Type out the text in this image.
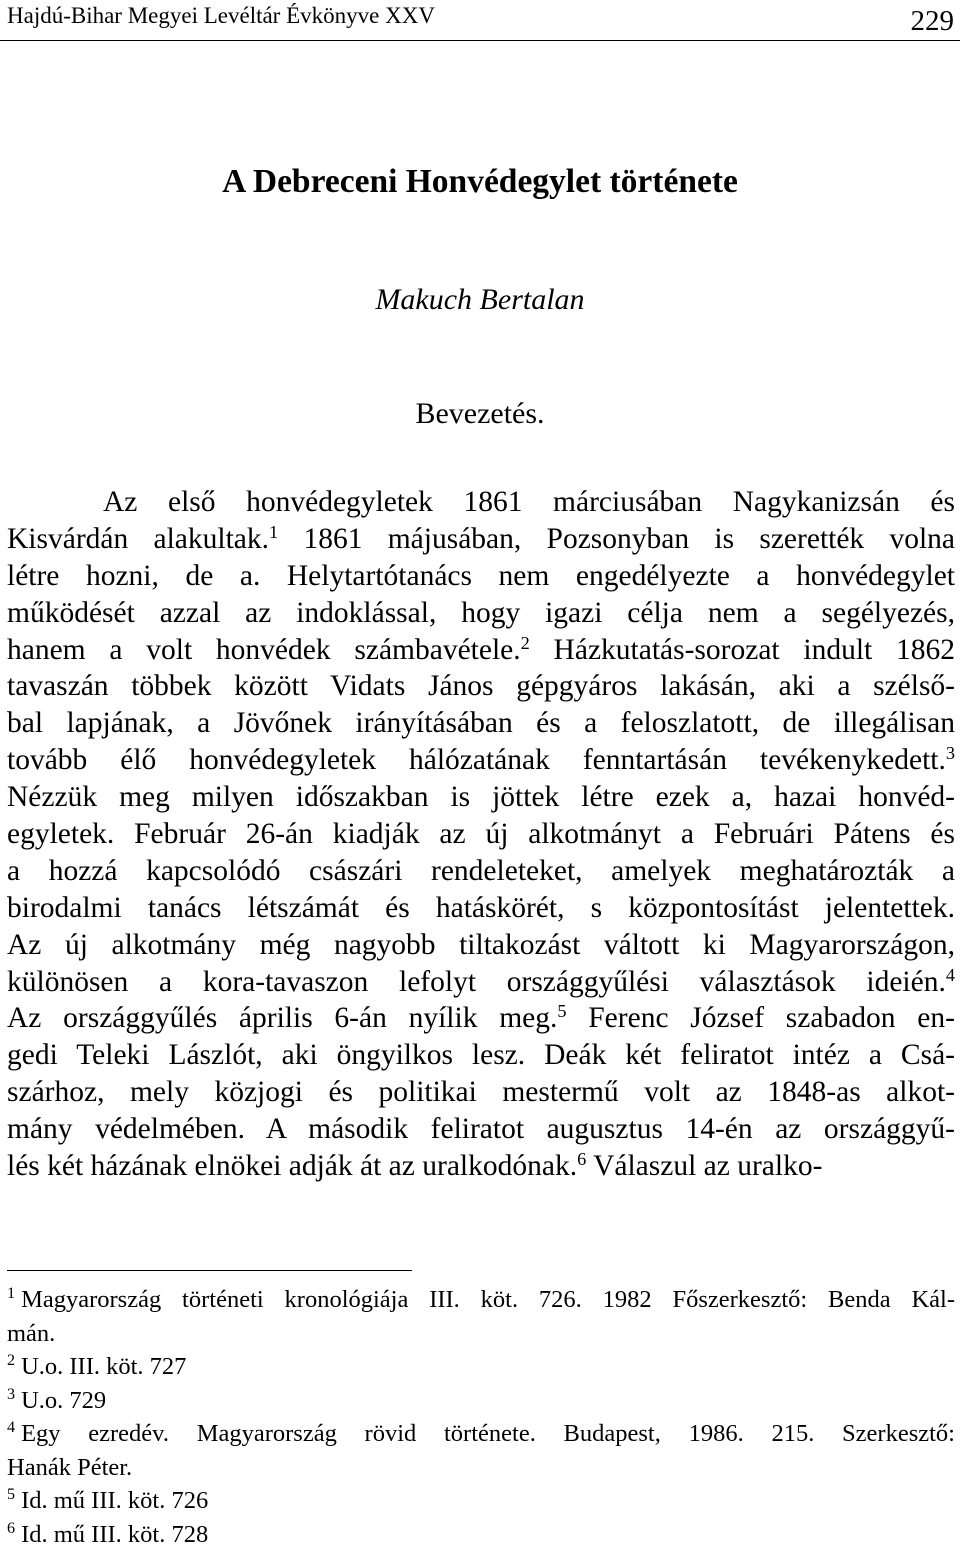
Hajdú-Bihar Megyei Levéltár Évkönyve XXV	229
A Debreceni Honvédegylet története
Makuch Bertalan
Bevezetés.
Az első honvédegyletek 1861 márciusában Nagykanizsán és
Kisvárdán alakultak.$^1$ 1861 májusában, Pozsonyban is szerették volna
létre hozni, de a. Helytartótanács nem engedélyezte a honvédegylet
működését azzal az indoklással, hogy igazi célja nem a segélyezés,
hanem a volt honvédek számbavétele.$^2$ Házkutatás-sorozat indult 1862
tavaszán többek között Vidats János gépgyáros lakásán, aki a szélső-
bal lapjának, a Jövőnek irányításában és a feloszlatott, de illegálisan
tovább élő honvédegyletek hálózatának fenntartásán tevékenykedett.$^3$
Nézzük meg milyen időszakban is jöttek létre ezek a, hazai honvéd-
egyletek. Február 26-án kiadják az új alkotmányt a Februári Pátens és
a hozzá kapcsolódó császári rendeleteket, amelyek meghatározták a
birodalmi tanács létszámát és hatáskörét, s központosítást jelentettek.
Az új alkotmány még nagyobb tiltakozást váltott ki Magyarországon,
különösen a kora-tavaszon lefolyt országgyűlési választások ideién.$^4$
Az országgyűlés április 6-án nyílik meg.$^5$ Ferenc József szabadon en-
gedi Teleki Lászlót, aki öngyilkos lesz. Deák két feliratot intéz a Csá-
szárhoz, mely közjogi és politikai mestermű volt az 1848-as alkot-
mány védelmében. A második feliratot augusztus 14-én az országgyű-
lés két házának elnökei adják át az uralkodónak.$^6$ Válaszul az uralko-
$^1$ Magyarország történeti kronológiája III. köt. 726. 1982 Főszerkesztő: Benda Kál-
mán.
$^2$ U.o. III. köt. 727
$^3$ U.o. 729
$^4$ Egy ezredév. Magyarország rövid története. Budapest, 1986. 215. Szerkesztő:
Hanák Péter.
$^5$ Id. mű III. köt. 726
$^6$ Id. mű III. köt. 728
